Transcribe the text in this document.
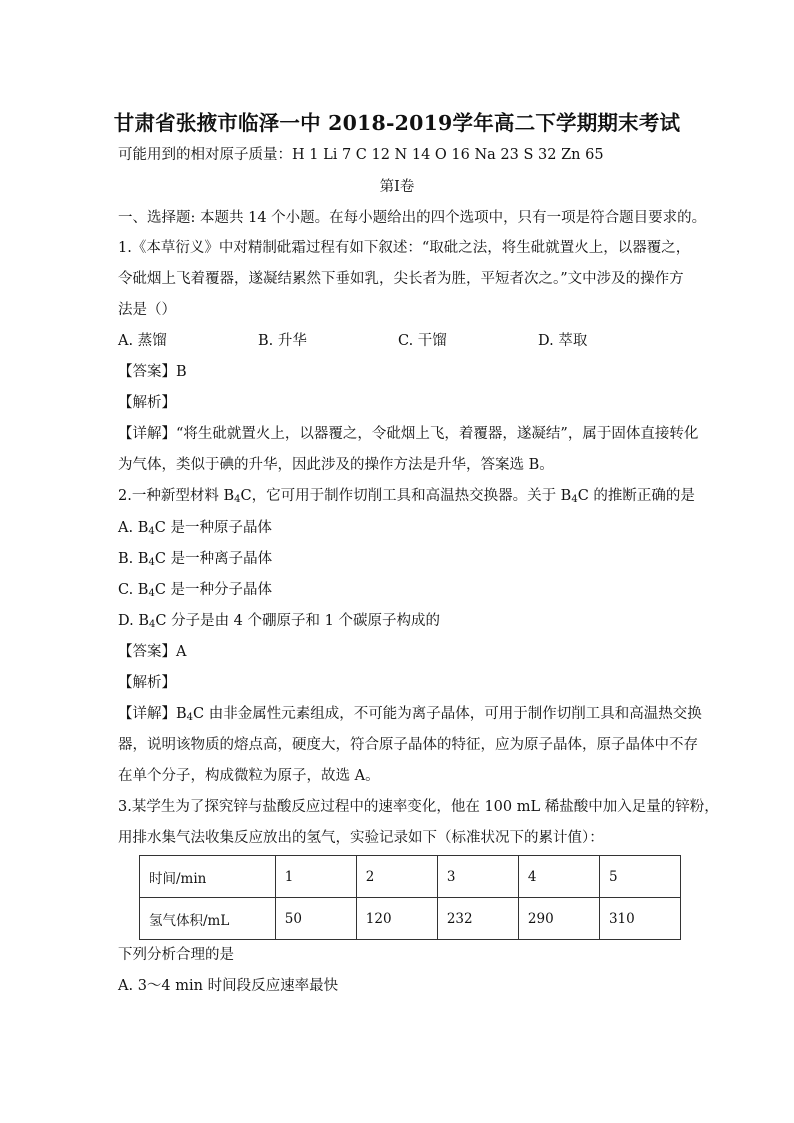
甘肃省张掖市临泽一中 2018-2019学年高二下学期期末考试
可能用到的相对原子质量：H 1 Li 7 C 12 N 14 O 16 Na 23 S 32 Zn 65
第Ⅰ卷
一、选择题: 本题共 14 个小题。在每小题给出的四个选项中，只有一项是符合题目要求的。
1.《本草衍义》中对精制砒霜过程有如下叙述：“取砒之法，将生砒就置火上，以器覆之，
令砒烟上飞着覆器，遂凝结累然下垂如乳，尖长者为胜，平短者次之。”文中涉及的操作方
法是（）
A. 蒸馏	B. 升华	C. 干馏	D. 萃取
【答案】B
【解析】
【详解】“将生砒就置火上，以器覆之，令砒烟上飞，着覆器，遂凝结”，属于固体直接转化
为气体，类似于碘的升华，因此涉及的操作方法是升华，答案选 B。
2.一种新型材料 $B_4C$，它可用于制作切削工具和高温热交换器。关于 $B_4C$ 的推断正确的是
A. $B_4C$ 是一种原子晶体
B. $B_4C$ 是一种离子晶体
C. $B_4C$ 是一种分子晶体
D. $B_4C$ 分子是由 4 个硼原子和 1 个碳原子构成的
【答案】A
【解析】
【详解】$B_4C$ 由非金属性元素组成，不可能为离子晶体，可用于制作切削工具和高温热交换
器，说明该物质的熔点高，硬度大，符合原子晶体的特征，应为原子晶体，原子晶体中不存
在单个分子，构成微粒为原子，故选 A。
3.某学生为了探究锌与盐酸反应过程中的速率变化，他在 100 mL 稀盐酸中加入足量的锌粉，
用排水集气法收集反应放出的氢气，实验记录如下（标准状况下的累计值）：
时间/min	1	2	3	4	5
氢气体积/mL	50	120	232	290	310
下列分析合理的是
A. 3～4 min 时间段反应速率最快
